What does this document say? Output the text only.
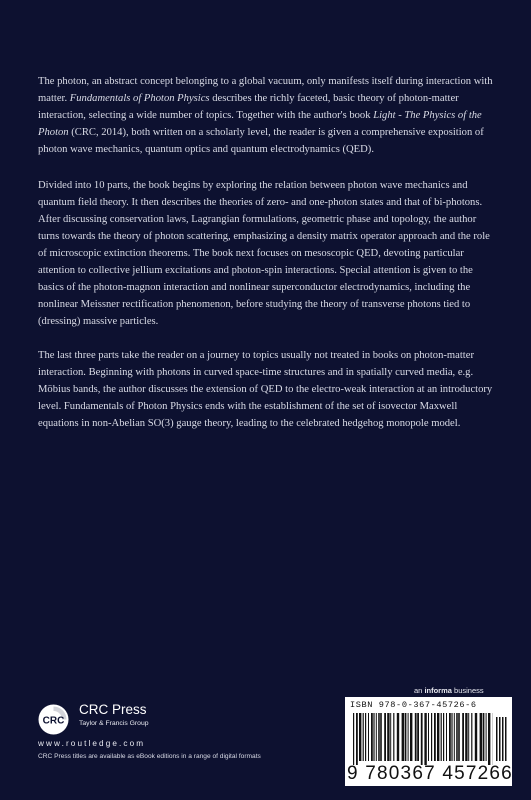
The photon, an abstract concept belonging to a global vacuum, only manifests itself during interaction with matter. Fundamentals of Photon Physics describes the richly faceted, basic theory of photon-matter interaction, selecting a wide number of topics. Together with the author's book Light - The Physics of the Photon (CRC, 2014), both written on a scholarly level, the reader is given a comprehensive exposition of photon wave mechanics, quantum optics and quantum electrodynamics (QED).

Divided into 10 parts, the book begins by exploring the relation between photon wave mechanics and quantum field theory. It then describes the theories of zero- and one-photon states and that of bi-photons. After discussing conservation laws, Lagrangian formulations, geometric phase and topology, the author turns towards the theory of photon scattering, emphasizing a density matrix operator approach and the role of microscopic extinction theorems. The book next focuses on mesoscopic QED, devoting particular attention to collective jellium excitations and photon-spin interactions. Special attention is given to the basics of the photon-magnon interaction and nonlinear superconductor electrodynamics, including the nonlinear Meissner rectification phenomenon, before studying the theory of transverse photons tied to (dressing) massive particles.

The last three parts take the reader on a journey to topics usually not treated in books on photon-matter interaction. Beginning with photons in curved space-time structures and in spatially curved media, e.g. Möbius bands, the author discusses the extension of QED to the electro-weak interaction at an introductory level. Fundamentals of Photon Physics ends with the establishment of the set of isovector Maxwell equations in non-Abelian SO(3) gauge theory, leading to the celebrated hedgehog monopole model.

an informa business
ISBN 978-0-367-45726-6
9 780367 457266
CRC
CRC Press
Taylor & Francis Group
www.routledge.com
CRC Press titles are available as eBook editions in a range of digital formats
